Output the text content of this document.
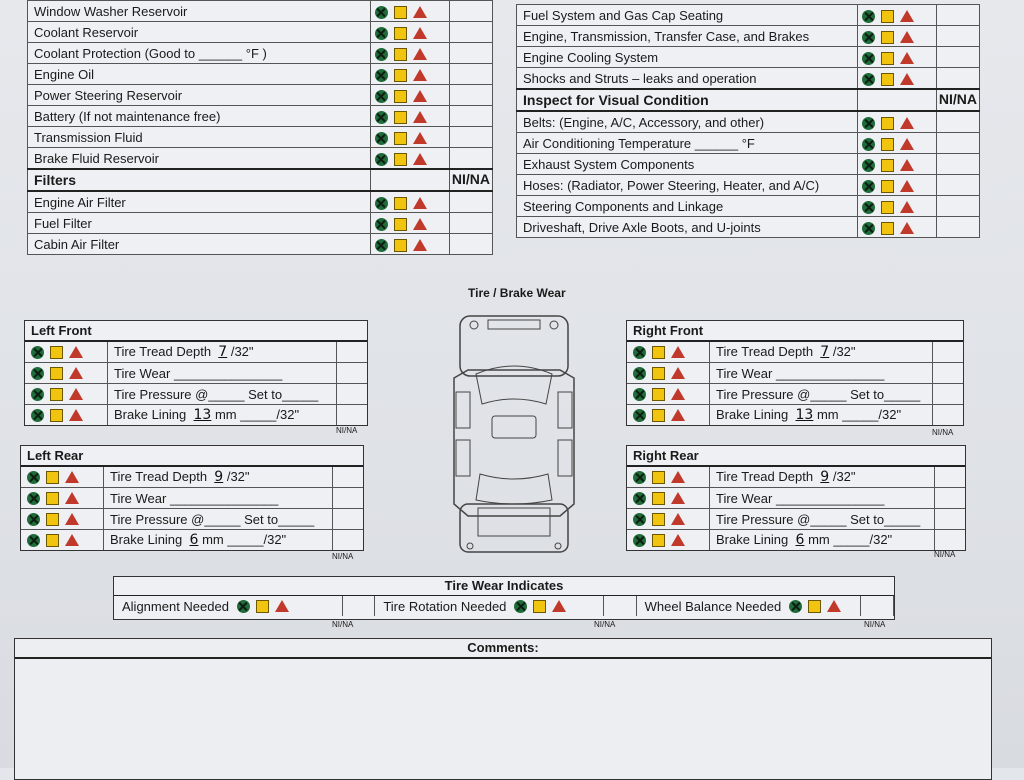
Window Washer Reservoir		
Coolant Reservoir		
Coolant Protection (Good to ______ °F )		
Engine Oil		
Power Steering Reservoir		
Battery (If not maintenance free)		
Transmission Fluid		
Brake Fluid Reservoir		
Filters		NI/NA
Engine Air Filter		
Fuel Filter		
Cabin Air Filter		
Fuel System and Gas Cap Seating		
Engine, Transmission, Transfer Case, and Brakes		
Engine Cooling System		
Shocks and Struts – leaks and operation		
Inspect for Visual Condition		NI/NA
Belts: (Engine, A/C, Accessory, and other)		
Air Conditioning Temperature ______ °F		
Exhaust System Components		
Hoses: (Radiator, Power Steering, Heater, and A/C)		
Steering Components and Linkage		
Driveshaft, Drive Axle Boots, and U-joints		
Tire / Brake Wear
Left Front
Tire Tread Depth 7 /32"
Tire Wear _______________
Tire Pressure @_____ Set to_____
Brake Lining 13 mm _____/32"
NI/NA
Left Rear
Tire Tread Depth 9 /32"
Tire Wear _______________
Tire Pressure @_____ Set to_____
Brake Lining 6 mm _____/32"
NI/NA
Right Front
Tire Tread Depth 7 /32"
Tire Wear _______________
Tire Pressure @_____ Set to_____
Brake Lining 13 mm _____/32"
NI/NA
Right Rear
Tire Tread Depth 9 /32"
Tire Wear _______________
Tire Pressure @_____ Set to_____
Brake Lining 6 mm _____/32"
NI/NA
Tire Wear Indicates
Alignment Needed	Tire Rotation Needed	Wheel Balance Needed
NI/NA	NI/NA	NI/NA
Comments:
